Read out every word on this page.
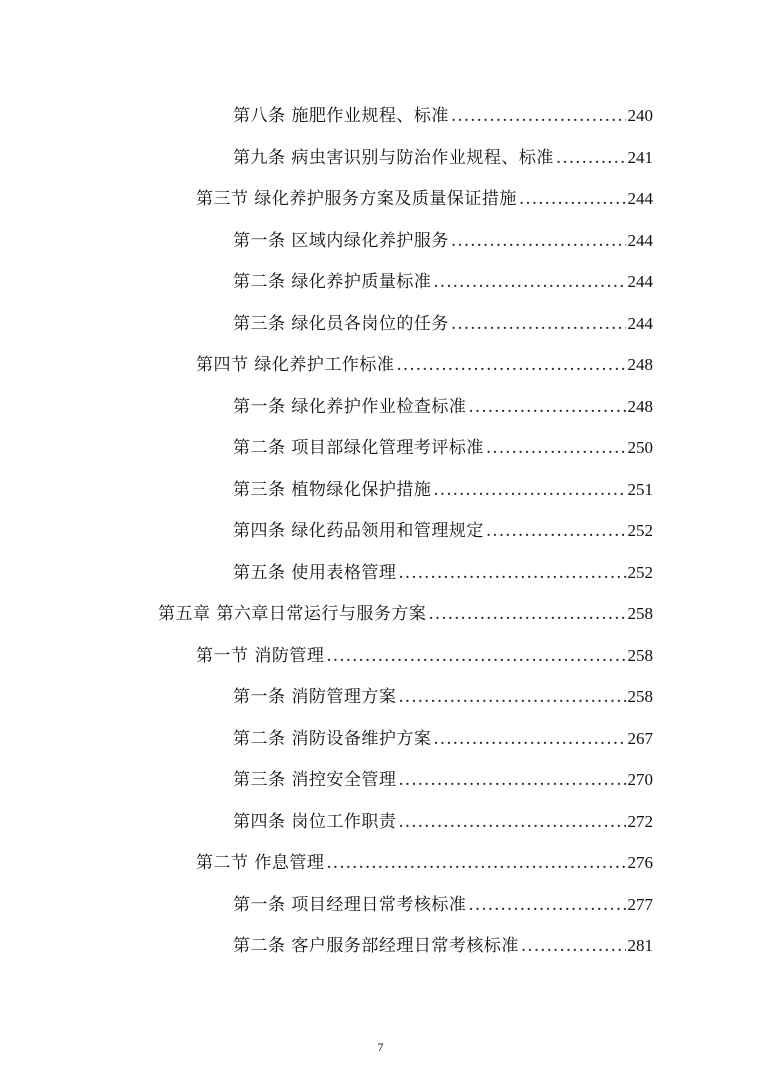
第八条 施肥作业规程、标准 .....	240
第九条 病虫害识别与防治作业规程、标准 .....	241
第三节 绿化养护服务方案及质量保证措施 .....	244
第一条 区域内绿化养护服务 .....	244
第二条 绿化养护质量标准 .....	244
第三条 绿化员各岗位的任务 .....	244
第四节 绿化养护工作标准 .....	248
第一条 绿化养护作业检查标准 .....	248
第二条 项目部绿化管理考评标准 .....	250
第三条 植物绿化保护措施 .....	251
第四条 绿化药品领用和管理规定 .....	252
第五条 使用表格管理 .....	252
第五章 第六章日常运行与服务方案 .....	258
第一节 消防管理 .....	258
第一条 消防管理方案 .....	258
第二条 消防设备维护方案 .....	267
第三条 消控安全管理 .....	270
第四条 岗位工作职责 .....	272
第二节 作息管理 .....	276
第一条 项目经理日常考核标准 .....	277
第二条 客户服务部经理日常考核标准 .....	281
7
